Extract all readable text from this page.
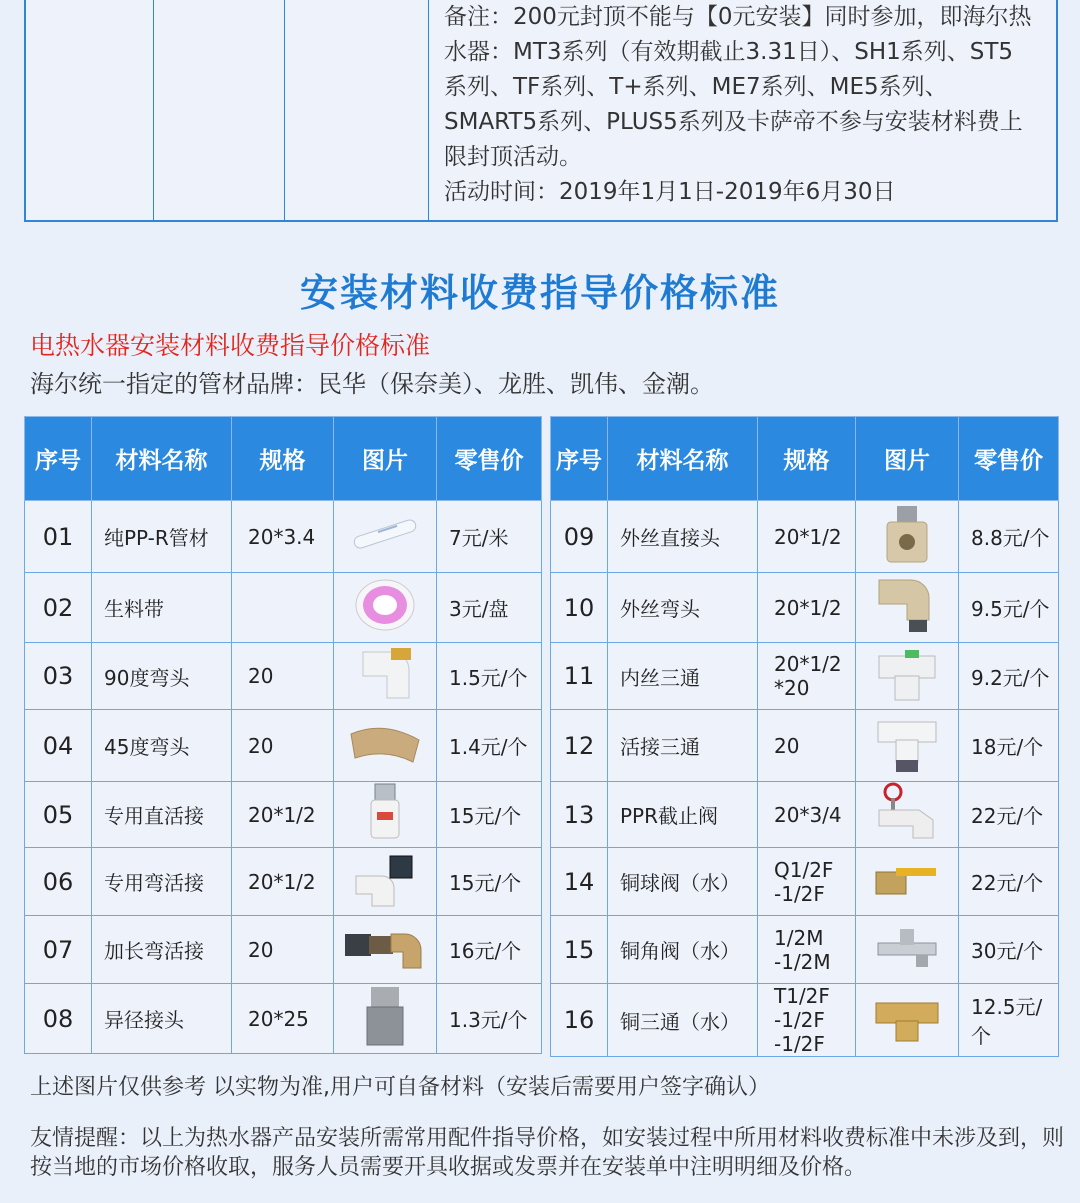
备注：200元封顶不能与【0元安装】同时参加，即海尔热

水器：MT3系列（有效期截止3.31日）、SH1系列、ST5

系列、TF系列、T+系列、ME7系列、ME5系列、

SMART5系列、PLUS5系列及卡萨帝不参与安装材料费上

限封顶活动。

活动时间：2019年1月1日-2019年6月30日

安装材料收费指导价格标准
电热水器安装材料收费指导价格标准
海尔统一指定的管材品牌：民华（保奈美）、龙胜、凯伟、金潮。
序号	材料名称	规格	图片	零售价
01	纯PP-R管材	20*3.4		7元/米
02	生料带			3元/盘
03	90度弯头	20		1.5元/个
04	45度弯头	20		1.4元/个
05	专用直活接	20*1/2		15元/个
06	专用弯活接	20*1/2		15元/个
07	加长弯活接	20		16元/个
08	异径接头	20*25		1.3元/个
序号	材料名称	规格	图片	零售价
09	外丝直接头	20*1/2		8.8元/个
10	外丝弯头	20*1/2		9.5元/个
11	内丝三通	20*1/2
*20		9.2元/个
12	活接三通	20		18元/个
13	PPR截止阀	20*3/4		22元/个
14	铜球阀（水）	Q1/2F
-1/2F		22元/个
15	铜角阀（水）	1/2M
-1/2M		30元/个
16	铜三通（水）	T1/2F
-1/2F
-1/2F		12.5元/个
上述图片仅供参考 以实物为准,用户可自备材料（安装后需要用户签字确认）
友情提醒：以上为热水器产品安装所需常用配件指导价格，如安装过程中所用材料收费标准中未涉及到，则按当地的市场价格收取，服务人员需要开具收据或发票并在安装单中注明明细及价格。
